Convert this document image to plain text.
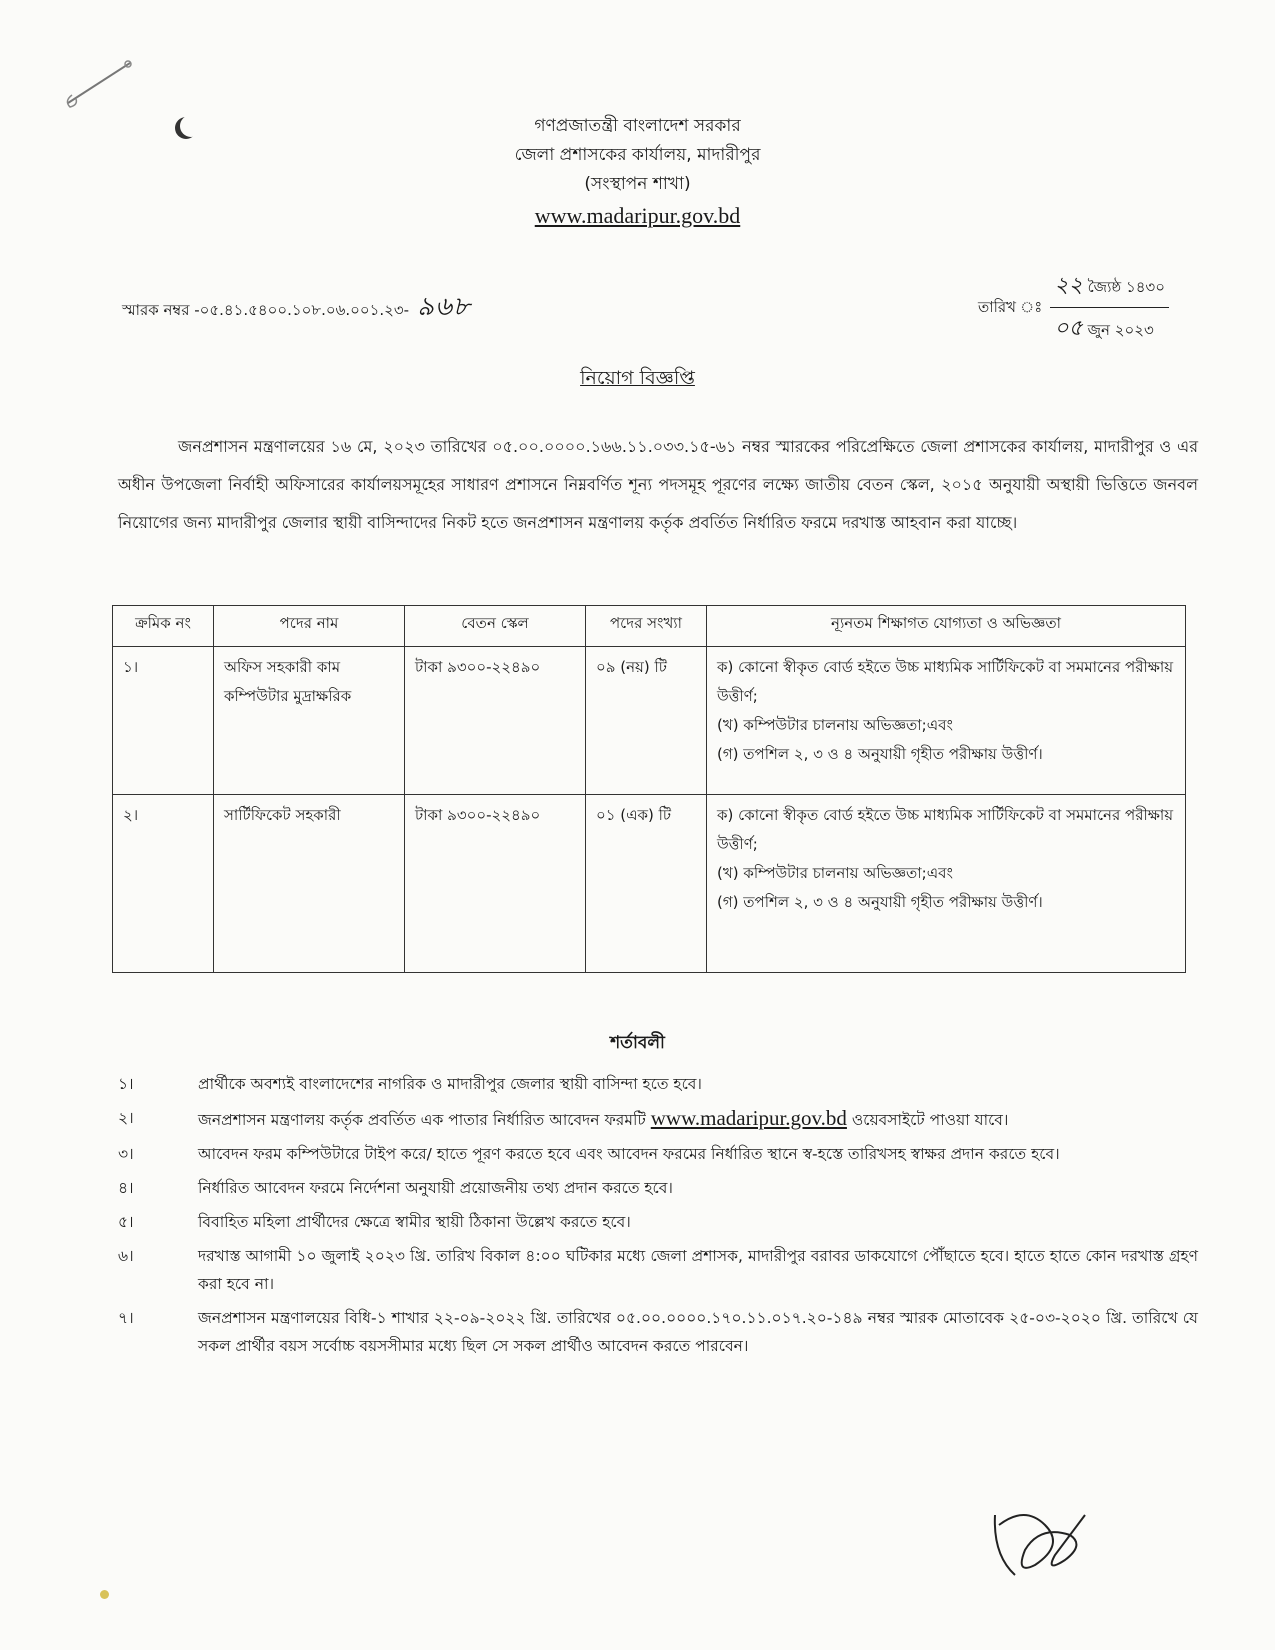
গণপ্রজাতন্ত্রী বাংলাদেশ সরকার
জেলা প্রশাসকের কার্যালয়, মাদারীপুর
(সংস্থাপন শাখা)
www.madaripur.gov.bd
স্মারক নম্বর -০৫.৪১.৫৪০০.১০৮.০৬.০০১.২৩- ৯৬৮	তারিখ ঃ $\frac{\text{২২ জ্যৈষ্ঠ ১৪৩০}}{\text{০৫ জুন ২০২৩}}$
নিয়োগ বিজ্ঞপ্তি
জনপ্রশাসন মন্ত্রণালয়ের ১৬ মে, ২০২৩ তারিখের ০৫.০০.০০০০.১৬৬.১১.০৩৩.১৫-৬১ নম্বর স্মারকের পরিপ্রেক্ষিতে জেলা প্রশাসকের কার্যালয়, মাদারীপুর ও এর অধীন উপজেলা নির্বাহী অফিসারের কার্যালয়সমূহের সাধারণ প্রশাসনে নিম্নবর্ণিত শূন্য পদসমূহ পূরণের লক্ষ্যে জাতীয় বেতন স্কেল, ২০১৫ অনুযায়ী অস্থায়ী ভিত্তিতে জনবল নিয়োগের জন্য মাদারীপুর জেলার স্থায়ী বাসিন্দাদের নিকট হতে জনপ্রশাসন মন্ত্রণালয় কর্তৃক প্রবর্তিত নির্ধারিত ফরমে দরখাস্ত আহবান করা যাচ্ছে।
ক্রমিক নং	পদের নাম	বেতন স্কেল	পদের সংখ্যা	ন্যূনতম শিক্ষাগত যোগ্যতা ও অভিজ্ঞতা
১।	অফিস সহকারী কাম কম্পিউটার মুদ্রাক্ষরিক	টাকা ৯৩০০-২২৪৯০	০৯ (নয়) টি	ক) কোনো স্বীকৃত বোর্ড হইতে উচ্চ মাধ্যমিক সার্টিফিকেট বা সমমানের পরীক্ষায় উত্তীর্ণ;
(খ) কম্পিউটার চালনায় অভিজ্ঞতা;এবং
(গ) তপশিল ২, ৩ ও ৪ অনুযায়ী গৃহীত পরীক্ষায় উত্তীর্ণ।

২।	সার্টিফিকেট সহকারী	টাকা ৯৩০০-২২৪৯০	০১ (এক) টি	ক) কোনো স্বীকৃত বোর্ড হইতে উচ্চ মাধ্যমিক সার্টিফিকেট বা সমমানের পরীক্ষায় উত্তীর্ণ;
(খ) কম্পিউটার চালনায় অভিজ্ঞতা;এবং
(গ) তপশিল ২, ৩ ও ৪ অনুযায়ী গৃহীত পরীক্ষায় উত্তীর্ণ।
শর্তাবলী
১।	প্রার্থীকে অবশ্যই বাংলাদেশের নাগরিক ও মাদারীপুর জেলার স্থায়ী বাসিন্দা হতে হবে।
২।	জনপ্রশাসন মন্ত্রণালয় কর্তৃক প্রবর্তিত এক পাতার নির্ধারিত আবেদন ফরমটি www.madaripur.gov.bd ওয়েবসাইটে পাওয়া যাবে।
৩।	আবেদন ফরম কম্পিউটারে টাইপ করে/ হাতে পূরণ করতে হবে এবং আবেদন ফরমের নির্ধারিত স্থানে স্ব-হস্তে তারিখসহ স্বাক্ষর প্রদান করতে হবে।
৪।	নির্ধারিত আবেদন ফরমে নির্দেশনা অনুযায়ী প্রয়োজনীয় তথ্য প্রদান করতে হবে।
৫।	বিবাহিত মহিলা প্রার্থীদের ক্ষেত্রে স্বামীর স্থায়ী ঠিকানা উল্লেখ করতে হবে।
৬।	দরখাস্ত আগামী ১০ জুলাই ২০২৩ খ্রি. তারিখ বিকাল ৪:০০ ঘটিকার মধ্যে জেলা প্রশাসক, মাদারীপুর বরাবর ডাকযোগে পৌঁছাতে হবে। হাতে হাতে কোন দরখাস্ত গ্রহণ করা হবে না।
৭।	জনপ্রশাসন মন্ত্রণালয়ের বিধি-১ শাখার ২২-০৯-২০২২ খ্রি. তারিখের ০৫.০০.০০০০.১৭০.১১.০১৭.২০-১৪৯ নম্বর স্মারক মোতাবেক ২৫-০৩-২০২০ খ্রি. তারিখে যে সকল প্রার্থীর বয়স সর্বোচ্চ বয়সসীমার মধ্যে ছিল সে সকল প্রার্থীও আবেদন করতে পারবেন।
